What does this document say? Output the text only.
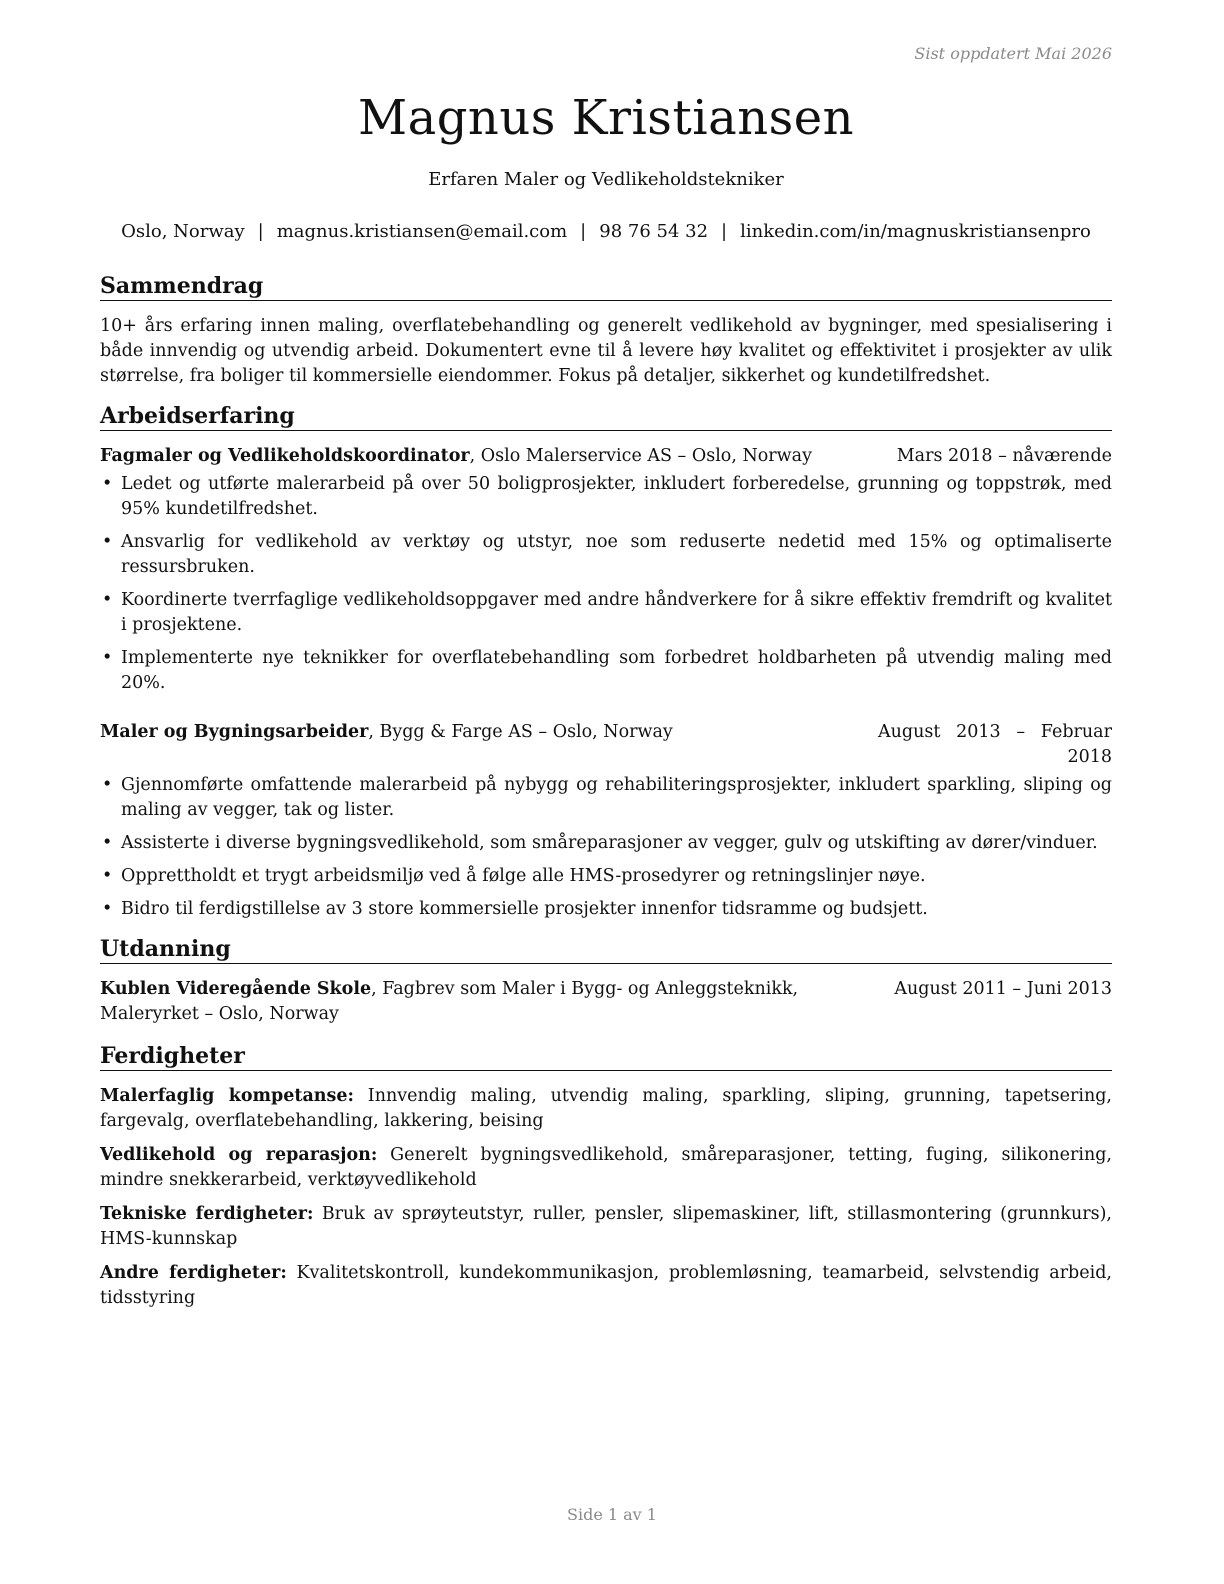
Sist oppdatert Mai 2026
Magnus Kristiansen
Erfaren Maler og Vedlikeholdstekniker
Oslo, Norway | magnus.kristiansen@email.com | 98 76 54 32 | linkedin.com/in/magnuskristiansenpro
Sammendrag
10+ års erfaring innen maling, overflatebehandling og generelt vedlikehold av bygninger, med spesialisering i både innvendig og utvendig arbeid. Dokumentert evne til å levere høy kvalitet og effektivitet i prosjekter av ulik størrelse, fra boliger til kommersielle eiendommer. Fokus på detaljer, sikkerhet og kundetilfredshet.
Arbeidserfaring
Fagmaler og Vedlikeholdskoordinator, Oslo Malerservice AS – Oslo, Norway	Mars 2018 – nåværende
• Ledet og utførte malerarbeid på over 50 boligprosjekter, inkludert forberedelse, grunning og toppstrøk, med 95% kundetilfredshet.
• Ansvarlig for vedlikehold av verktøy og utstyr, noe som reduserte nedetid med 15% og optimaliserte ressursbruken.
• Koordinerte tverrfaglige vedlikeholdsoppgaver med andre håndverkere for å sikre effektiv fremdrift og kvalitet i prosjektene.
• Implementerte nye teknikker for overflatebehandling som forbedret holdbarheten på utvendig maling med 20%.
Maler og Bygningsarbeider, Bygg & Farge AS – Oslo, Norway	August 2013 – Februar 2018
• Gjennomførte omfattende malerarbeid på nybygg og rehabiliteringsprosjekter, inkludert sparkling, sliping og maling av vegger, tak og lister.
• Assisterte i diverse bygningsvedlikehold, som småreparasjoner av vegger, gulv og utskifting av dører/vinduer.
• Opprettholdt et trygt arbeidsmiljø ved å følge alle HMS-prosedyrer og retningslinjer nøye.
• Bidro til ferdigstillelse av 3 store kommersielle prosjekter innenfor tidsramme og budsjett.
Utdanning
Kublen Videregående Skole, Fagbrev som Maler i Bygg- og Anleggsteknikk, Maleryrket – Oslo, Norway
August 2011 – Juni 2013
Ferdigheter
Malerfaglig kompetanse: Innvendig maling, utvendig maling, sparkling, sliping, grunning, tapetsering, fargevalg, overflatebehandling, lakkering, beising
Vedlikehold og reparasjon: Generelt bygningsvedlikehold, småreparasjoner, tetting, fuging, silikonering, mindre snekkerarbeid, verktøyvedlikehold
Tekniske ferdigheter: Bruk av sprøyteutstyr, ruller, pensler, slipemaskiner, lift, stillasmontering (grunnkurs), HMS-kunnskap
Andre ferdigheter: Kvalitetskontroll, kundekommunikasjon, problemløsning, teamarbeid, selvstendig arbeid, tidsstyring
Side 1 av 1
